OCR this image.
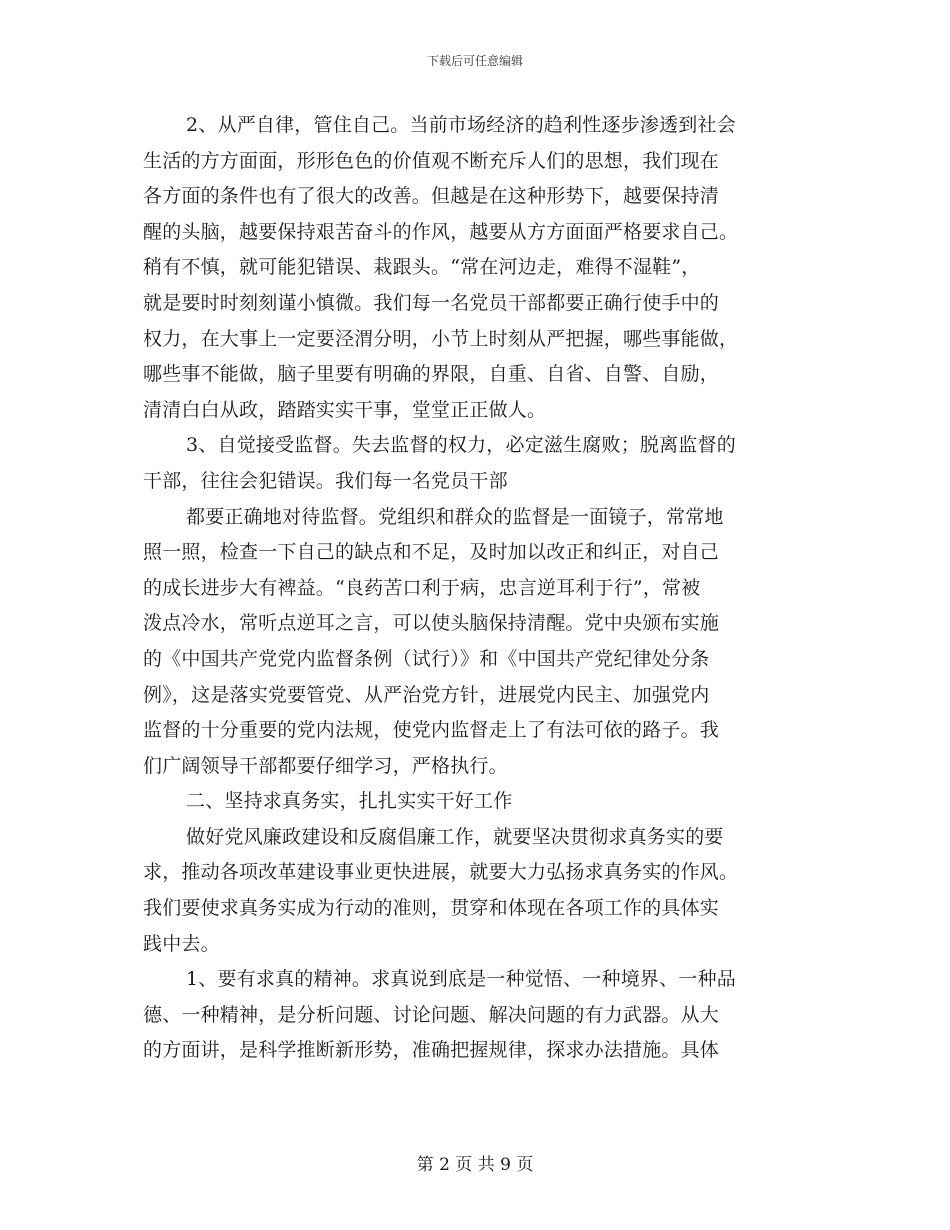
下载后可任意编辑
2、从严自律，管住自己。当前市场经济的趋利性逐步渗透到社会
生活的方方面面，形形色色的价值观不断充斥人们的思想，我们现在
各方面的条件也有了很大的改善。但越是在这种形势下，越要保持清
醒的头脑，越要保持艰苦奋斗的作风，越要从方方面面严格要求自己。
稍有不慎，就可能犯错误、栽跟头。“常在河边走，难得不湿鞋”，
就是要时时刻刻谨小慎微。我们每一名党员干部都要正确行使手中的
权力，在大事上一定要泾渭分明，小节上时刻从严把握，哪些事能做，
哪些事不能做，脑子里要有明确的界限，自重、自省、自警、自励，
清清白白从政，踏踏实实干事，堂堂正正做人。
3、自觉接受监督。失去监督的权力，必定滋生腐败；脱离监督的
干部，往往会犯错误。我们每一名党员干部
都要正确地对待监督。党组织和群众的监督是一面镜子，常常地
照一照，检查一下自己的缺点和不足，及时加以改正和纠正，对自己
的成长进步大有裨益。“良药苦口利于病，忠言逆耳利于行”，常被
泼点冷水，常听点逆耳之言，可以使头脑保持清醒。党中央颁布实施
的《中国共产党党内监督条例（试行）》和《中国共产党纪律处分条
例》，这是落实党要管党、从严治党方针，进展党内民主、加强党内
监督的十分重要的党内法规，使党内监督走上了有法可依的路子。我
们广阔领导干部都要仔细学习，严格执行。
二、坚持求真务实，扎扎实实干好工作
做好党风廉政建设和反腐倡廉工作，就要坚决贯彻求真务实的要
求，推动各项改革建设事业更快进展，就要大力弘扬求真务实的作风。
我们要使求真务实成为行动的准则，贯穿和体现在各项工作的具体实
践中去。
1、要有求真的精神。求真说到底是一种觉悟、一种境界、一种品
德、一种精神，是分析问题、讨论问题、解决问题的有力武器。从大
的方面讲，是科学推断新形势，准确把握规律，探求办法措施。具体
第 2 页 共 9 页
